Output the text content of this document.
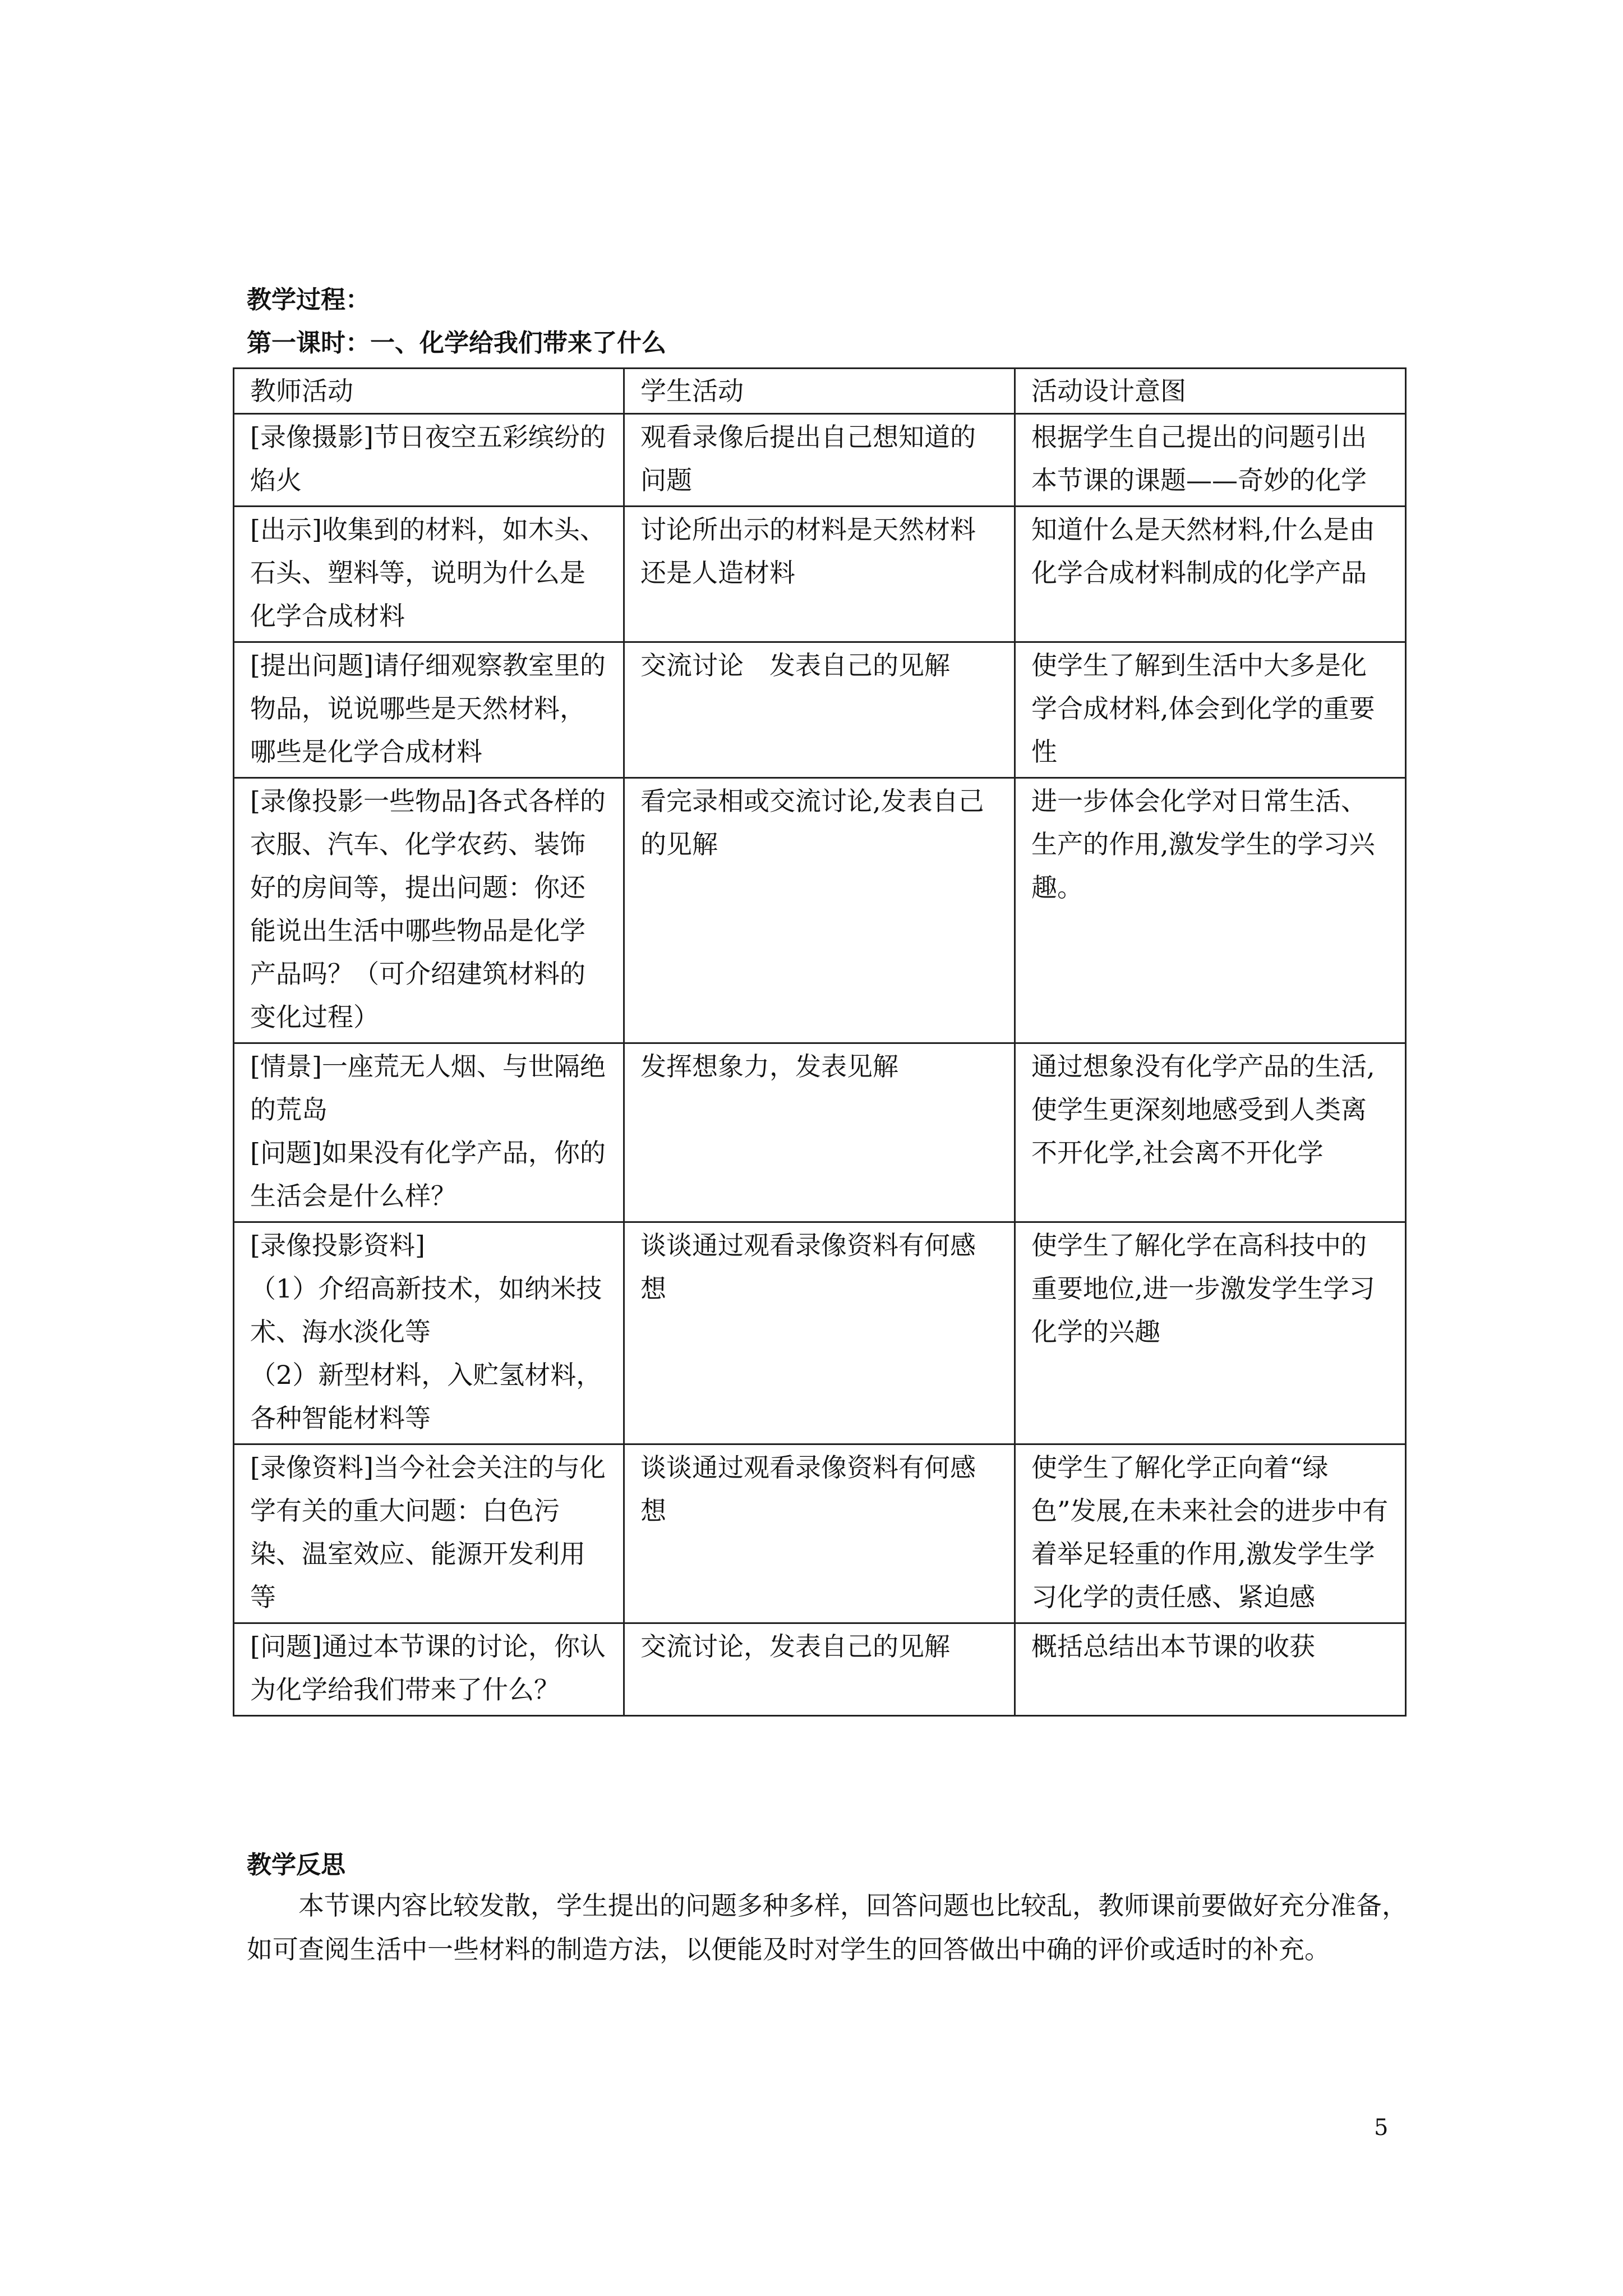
教学过程：
第一课时：一、化学给我们带来了什么
教师活动	学生活动	活动设计意图

[录像摄影]节日夜空五彩缤纷的焰火	观看录像后提出自己想知道的问题	根据学生自己提出的问题引出本节课的课题——奇妙的化学

[出示]收集到的材料，如木头、石头、塑料等，说明为什么是化学合成材料	讨论所出示的材料是天然材料还是人造材料	知道什么是天然材料,什么是由化学合成材料制成的化学产品

[提出问题]请仔细观察教室里的物品，说说哪些是天然材料，哪些是化学合成材料	交流讨论　发表自己的见解	使学生了解到生活中大多是化学合成材料,体会到化学的重要性

[录像投影一些物品]各式各样的衣服、汽车、化学农药、装饰好的房间等，提出问题：你还能说出生活中哪些物品是化学产品吗？（可介绍建筑材料的变化过程）	看完录相或交流讨论,发表自己的见解	进一步体会化学对日常生活、生产的作用,激发学生的学习兴趣。

[情景]一座荒无人烟、与世隔绝的荒岛
[问题]如果没有化学产品，你的生活会是什么样？	发挥想象力，发表见解	通过想象没有化学产品的生活,使学生更深刻地感受到人类离不开化学,社会离不开化学

[录像投影资料]
（1）介绍高新技术，如纳米技术、海水淡化等
（2）新型材料，入贮氢材料，各种智能材料等	谈谈通过观看录像资料有何感想	使学生了解化学在高科技中的重要地位,进一步激发学生学习化学的兴趣

[录像资料]当今社会关注的与化学有关的重大问题：白色污染、温室效应、能源开发利用等	谈谈通过观看录像资料有何感想	使学生了解化学正向着“绿色”发展,在未来社会的进步中有着举足轻重的作用,激发学生学习化学的责任感、紧迫感

[问题]通过本节课的讨论，你认为化学给我们带来了什么？	交流讨论，发表自己的见解	概括总结出本节课的收获
教学反思
本节课内容比较发散，学生提出的问题多种多样，回答问题也比较乱，教师课前要做好充分准备，如可查阅生活中一些材料的制造方法，以便能及时对学生的回答做出中确的评价或适时的补充。
5
